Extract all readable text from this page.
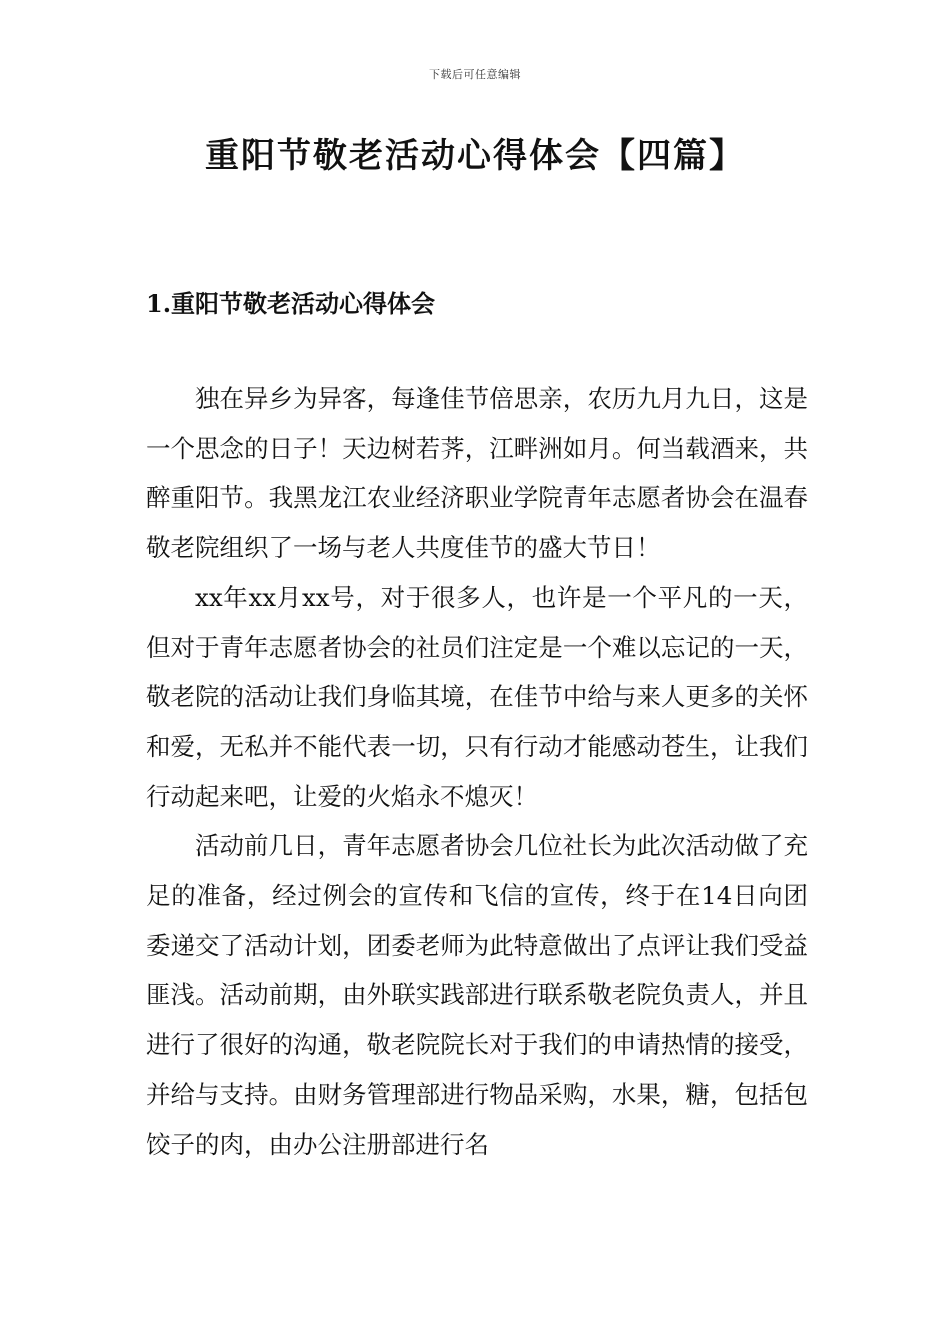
下载后可任意编辑
重阳节敬老活动心得体会【四篇】
1.重阳节敬老活动心得体会

独在异乡为异客，每逢佳节倍思亲，农历九月九日，这是一个思念的日子！天边树若荠，江畔洲如月。何当载酒来，共醉重阳节。我黑龙江农业经济职业学院青年志愿者协会在温春敬老院组织了一场与老人共度佳节的盛大节日！

xx年xx月xx号，对于很多人，也许是一个平凡的一天，但对于青年志愿者协会的社员们注定是一个难以忘记的一天，敬老院的活动让我们身临其境，在佳节中给与来人更多的关怀和爱，无私并不能代表一切，只有行动才能感动苍生，让我们行动起来吧，让爱的火焰永不熄灭！

活动前几日，青年志愿者协会几位社长为此次活动做了充足的准备，经过例会的宣传和飞信的宣传，终于在14日向团委递交了活动计划，团委老师为此特意做出了点评让我们受益匪浅。活动前期，由外联实践部进行联系敬老院负责人，并且进行了很好的沟通，敬老院院长对于我们的申请热情的接受，并给与支持。由财务管理部进行物品采购，水果，糖，包括包饺子的肉，由办公注册部进行名
